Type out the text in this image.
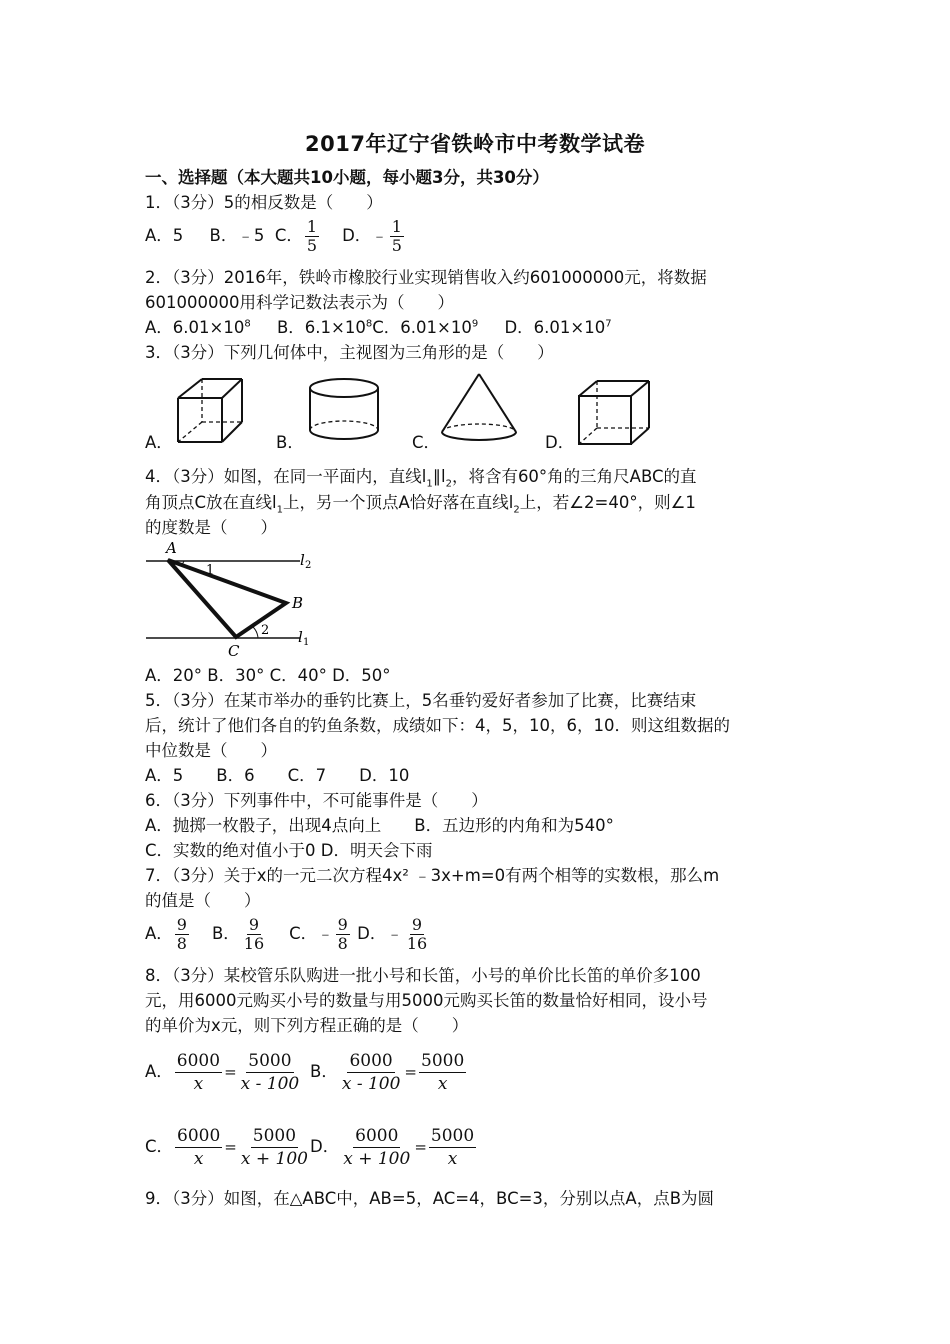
2017年辽宁省铁岭市中考数学试卷
一、选择题（本大题共10小题，每小题3分，共30分）
1．（3分）5的相反数是（　　）
A．5 B．﹣5 C． $\frac{1}{5}$ D．﹣ $\frac{1}{5}$
2．（3分）2016年，铁岭市橡胶行业实现销售收入约601000000元，将数据
601000000用科学记数法表示为（　　）
A．$6.01\times 10^8$ B．$6.1\times 10^8C$．$6.01\times 10^9$ D．$6.01\times 10^7$
3．（3分）下列几何体中，主视图为三角形的是（　　）
A．	B．	C．	D．
4．（3分）如图，在同一平面内，直线$l_1\parallel l_2$，将含有60°角的三角尺ABC的直
角顶点C放在直线$l_1$上，另一个顶点A恰好落在直线$l_2$上，若∠2=40°，则∠1
的度数是（　　）
A
1
B
2
C
l 2
l 1
A．20° B．30° C．40° D．50°
5．（3分）在某市举办的垂钓比赛上，5名垂钓爱好者参加了比赛，比赛结束
后，统计了他们各自的钓鱼条数，成绩如下：4，5，10，6，10．则这组数据的
中位数是（　　）
A．5　　B．6　　C．7　　D．10
6．（3分）下列事件中，不可能事件是（　　）
A．抛掷一枚骰子，出现4点向上　　B．五边形的内角和为540°
C．实数的绝对值小于0 D．明天会下雨
7．（3分）关于x的一元二次方程4x² ﹣3x+m=0有两个相等的实数根，那么m
的值是（　　）
A． $\frac{9}{8}$ B． $\frac{9}{16}$ C．﹣ $\frac{9}{8}$ D．﹣ $\frac{9}{16}$
8．（3分）某校管乐队购进一批小号和长笛，小号的单价比长笛的单价多100
元，用6000元购买小号的数量与用5000元购买长笛的数量恰好相同，设小号
的单价为x元，则下列方程正确的是（　　）
A． $\frac{6000}{x} = \frac{5000}{x - 100}$ B． $\frac{6000}{x - 100} = \frac{5000}{x}$
C． $\frac{6000}{x} = \frac{5000}{x + 100}$ D． $\frac{6000}{x + 100} = \frac{5000}{x}$
9．（3分）如图，在△ABC中，AB=5，AC=4，BC=3，分别以点A，点B为圆
